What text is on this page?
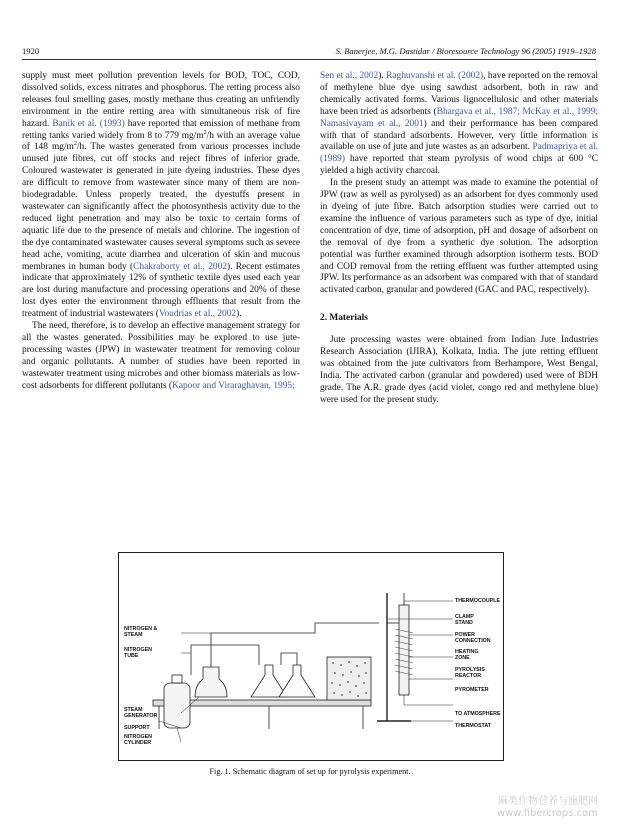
1920	S. Banerjee, M.G. Dastidar / Bioresource Technology 96 (2005) 1919–1928

supply must meet pollution prevention levels for BOD, TOC, COD, dissolved solids, excess nitrates and phosphorus. The retting process also releases foul smelling gases, mostly methane thus creating an unfriendly environment in the entire retting area with simultaneous risk of fire hazard. Banik et al. (1993) have reported that emission of methane from retting tanks varied widely from 8 to 779 $mg/m^2/h$ with an average value of 148 $mg/m^2/h$. The wastes generated from various processes include unused jute fibres, cut off stocks and reject fibres of inferior grade. Coloured wastewater is generated in jute dyeing industries. These dyes are difficult to remove from wastewater since many of them are non-biodegradable. Unless properly treated, the dyestuffs present in wastewater can significantly affect the photosynthesis activity due to the reduced light penetration and may also be toxic to certain forms of aquatic life due to the presence of metals and chlorine. The ingestion of the dye contaminated wastewater causes several symptoms such as severe head ache, vomiting, acute diarrhea and ulceration of skin and mucous membranes in human body (Chakraborty et al., 2002). Recent estimates indicate that approximately 12% of synthetic textile dyes used each year are lost during manufacture and processing operations and 20% of these lost dyes enter the environment through effluents that result from the treatment of industrial wastewaters (Voudrias et al., 2002).

The need, therefore, is to develop an effective management strategy for all the wastes generated. Possibilities may be explored to use jute-processing wastes (JPW) in wastewater treatment for removing colour and organic pollutants. A number of studies have been reported in wastewater treatment using microbes and other biomass materials as low-cost adsorbents for different pollutants (Kapoor and Viraraghavan, 1995;

Sen et al., 2002). Raghuvanshi et al. (2002), have reported on the removal of methylene blue dye using sawdust adsorbent, both in raw and chemically activated forms. Various lignocellulosic and other materials have been tried as adsorbents (Bhargava et al., 1987; McKay et al., 1999; Namasivayam et al., 2001) and their performance has been compared with that of standard adsorbents. However, very little information is available on use of jute and jute wastes as an adsorbent. Padmapriya et al. (1989) have reported that steam pyrolysis of wood chips at 600 °C yielded a high activity charcoal.

In the present study an attempt was made to examine the potential of JPW (raw as well as pyrolysed) as an adsorbent for dyes commonly used in dyeing of jute fibre. Batch adsorption studies were carried out to examine the influence of various parameters such as type of dye, initial concentration of dye, time of adsorption, pH and dosage of adsorbent on the removal of dye from a synthetic dye solution. The adsorption potential was further examined through adsorption isotherm tests. BOD and COD removal from the retting effluent was further attempted using JPW. Its performance as an adsorbent was compared with that of standard activated carbon, granular and powdered (GAC and PAC, respectively).

2. Materials

Jute processing wastes were obtained from Indian Jute Industries Research Association (IJIRA), Kolkata, India. The jute retting effluent was obtained from the jute cultivators from Berhampore, West Bengal, India. The activated carbon (granular and powdered) used were of BDH grade. The A.R. grade dyes (acid violet, congo red and methylene blue) were used for the present study.

NITROGEN &
STEAM
NITROGEN
TUBE
STEAM
GENERATOR
SUPPORT
NITROGEN
CYLINDER
THERMOCOUPLE
CLAMP
STAND
POWER
CONNECTION
HEATING
ZONE
PYROLYSIS
REACTOR
PYROMETER
TO ATMOSPHERE
THERMOSTAT
Fig. 1. Schematic diagram of set up for pyrolysis experiment.
麻类作物营养与施肥网
www.fibercrops.com
